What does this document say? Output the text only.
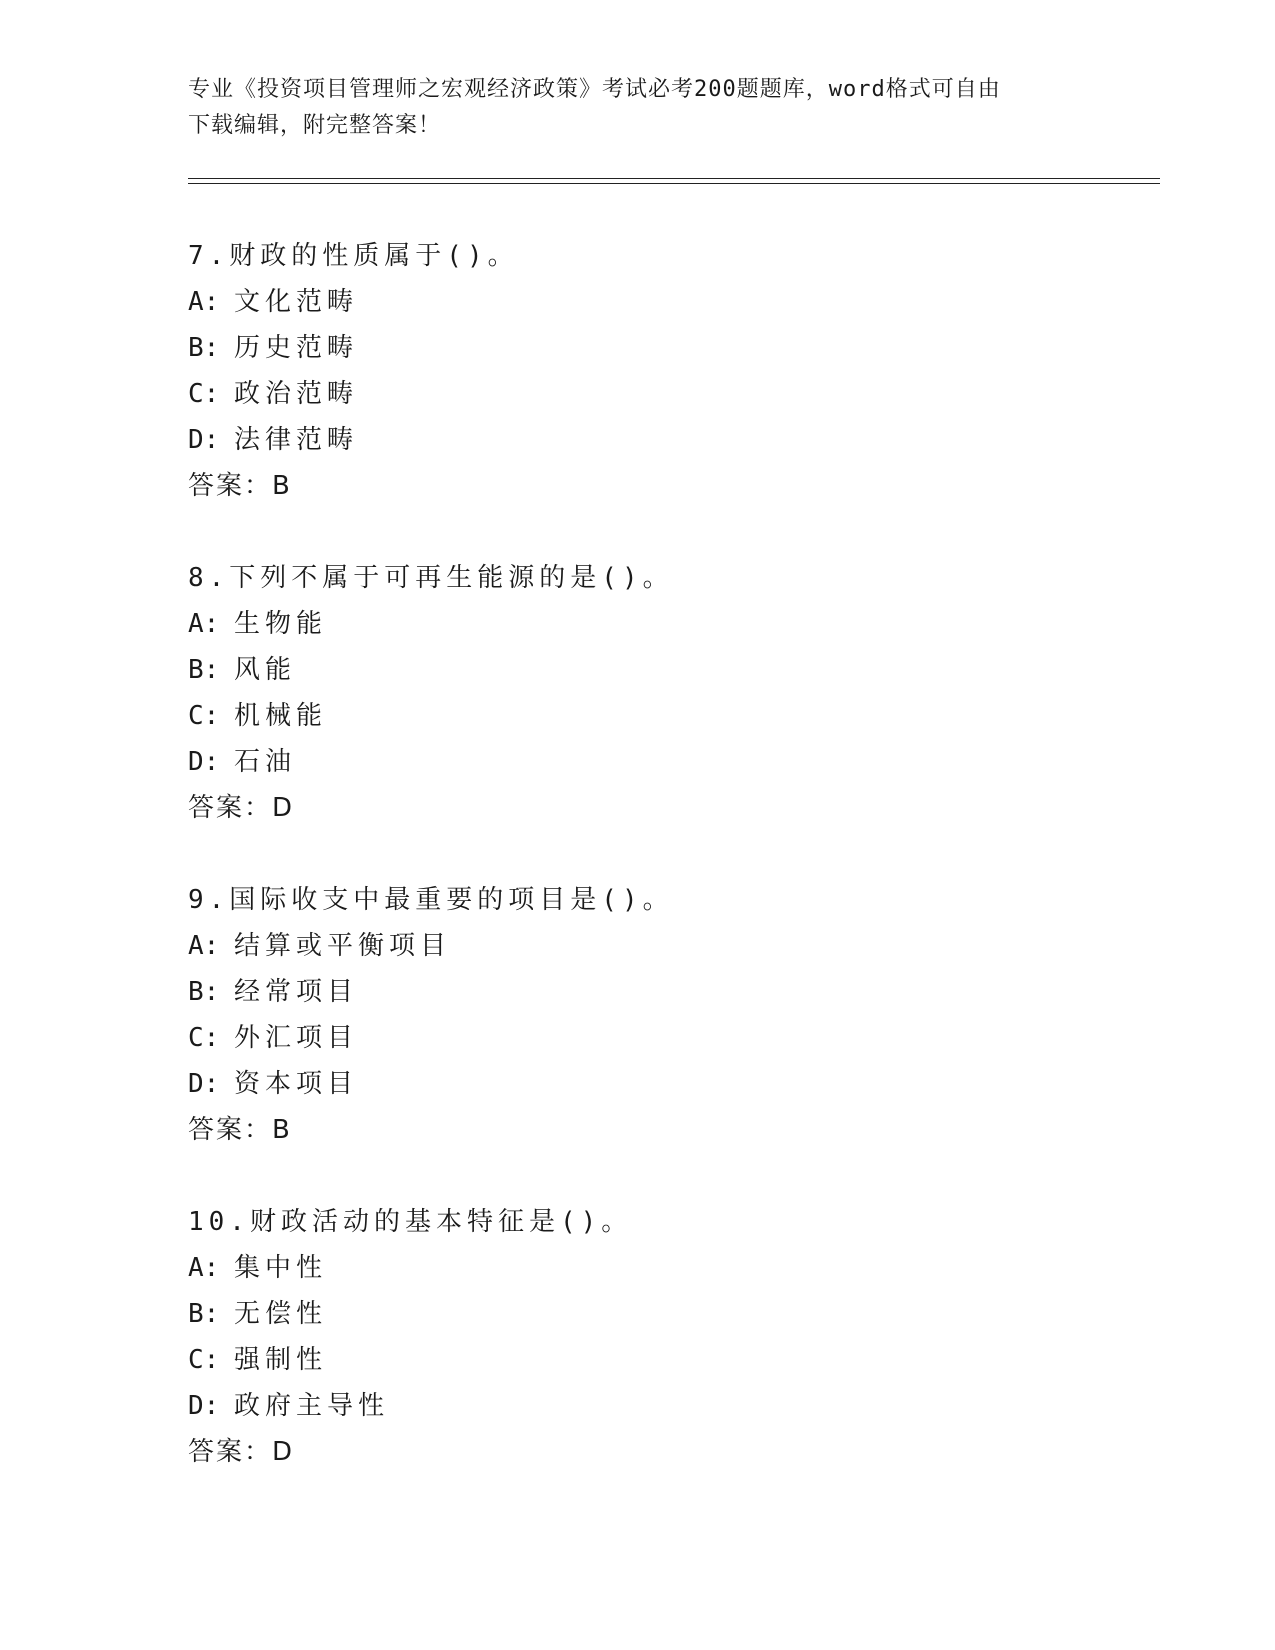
专业《投资项目管理师之宏观经济政策》考试必考200题题库，word格式可自由
下载编辑，附完整答案！
7.财政的性质属于()。
A: 文化范畴
B: 历史范畴
C: 政治范畴
D: 法律范畴
答案：B
8.下列不属于可再生能源的是()。
A: 生物能
B: 风能
C: 机械能
D: 石油
答案：D
9.国际收支中最重要的项目是()。
A: 结算或平衡项目
B: 经常项目
C: 外汇项目
D: 资本项目
答案：B
10.财政活动的基本特征是()。
A: 集中性
B: 无偿性
C: 强制性
D: 政府主导性
答案：D
